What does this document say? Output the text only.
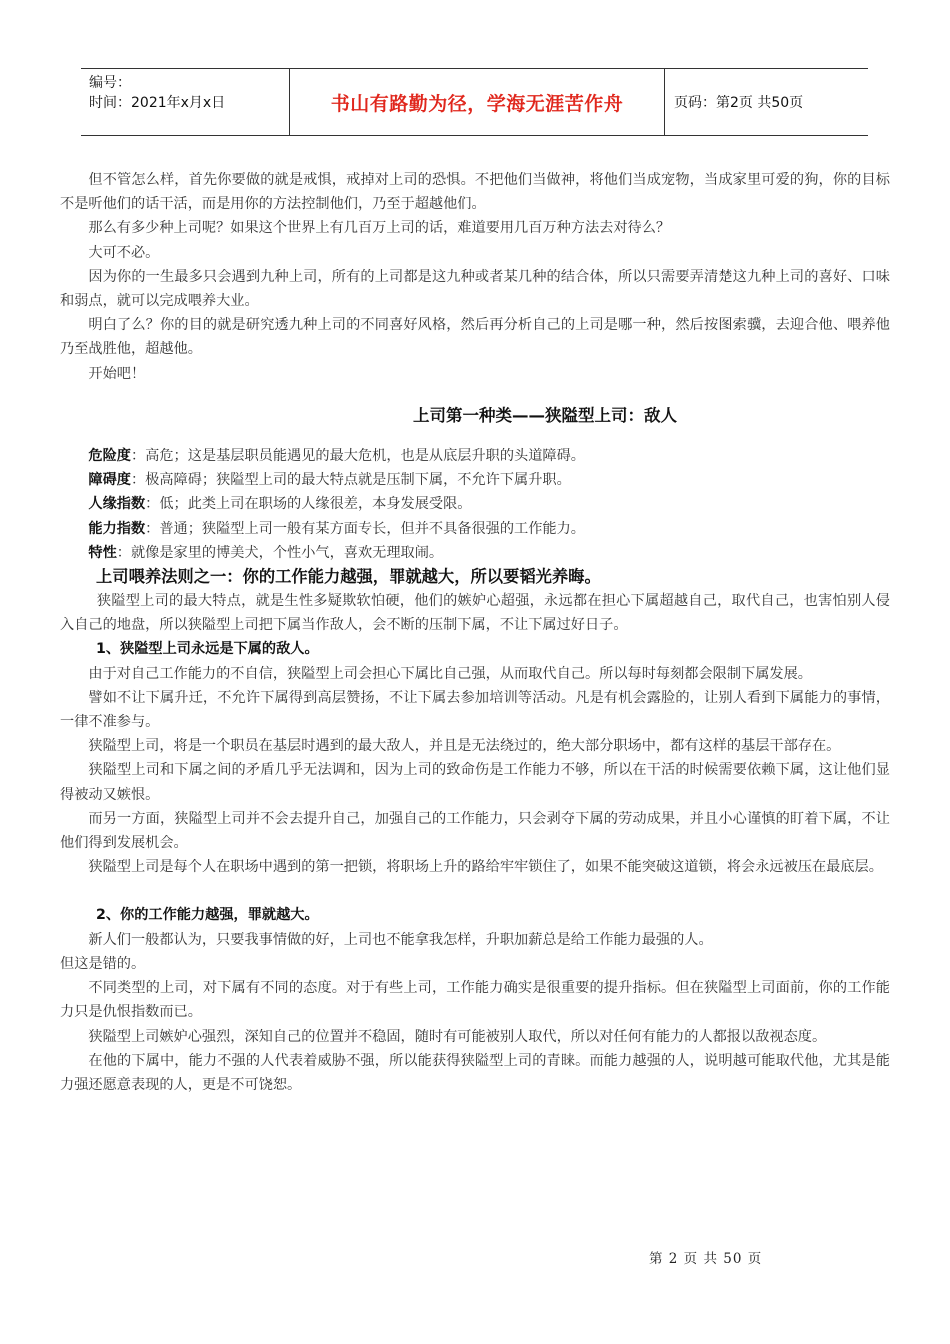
编号：
时间：2021年x月x日	书山有路勤为径，学海无涯苦作舟	页码：第2页 共50页

但不管怎么样，首先你要做的就是戒惧，戒掉对上司的恐惧。不把他们当做神，将他们当成宠物，当成家里可爱的狗，你的目标不是听他们的话干活，而是用你的方法控制他们，乃至于超越他们。

那么有多少种上司呢？如果这个世界上有几百万上司的话，难道要用几百万种方法去对待么？

大可不必。

因为你的一生最多只会遇到九种上司，所有的上司都是这九种或者某几种的结合体，所以只需要弄清楚这九种上司的喜好、口味和弱点，就可以完成喂养大业。

明白了么？你的目的就是研究透九种上司的不同喜好风格，然后再分析自己的上司是哪一种，然后按图索骥，去迎合他、喂养他乃至战胜他，超越他。

开始吧！

上司第一种类——狭隘型上司：敌人

危险度：高危；这是基层职员能遇见的最大危机，也是从底层升职的头道障碍。

障碍度：极高障碍；狭隘型上司的最大特点就是压制下属，不允许下属升职。

人缘指数：低；此类上司在职场的人缘很差，本身发展受限。

能力指数：普通；狭隘型上司一般有某方面专长，但并不具备很强的工作能力。

特性：就像是家里的博美犬，个性小气，喜欢无理取闹。

上司喂养法则之一：你的工作能力越强，罪就越大，所以要韬光养晦。

狭隘型上司的最大特点，就是生性多疑欺软怕硬，他们的嫉妒心超强，永远都在担心下属超越自己，取代自己，也害怕别人侵入自己的地盘，所以狭隘型上司把下属当作敌人，会不断的压制下属，不让下属过好日子。

1、狭隘型上司永远是下属的敌人。

由于对自己工作能力的不自信，狭隘型上司会担心下属比自己强，从而取代自己。所以每时每刻都会限制下属发展。

譬如不让下属升迁，不允许下属得到高层赞扬，不让下属去参加培训等活动。凡是有机会露脸的，让别人看到下属能力的事情，一律不准参与。

狭隘型上司，将是一个职员在基层时遇到的最大敌人，并且是无法绕过的，绝大部分职场中，都有这样的基层干部存在。

狭隘型上司和下属之间的矛盾几乎无法调和，因为上司的致命伤是工作能力不够，所以在干活的时候需要依赖下属，这让他们显得被动又嫉恨。

而另一方面，狭隘型上司并不会去提升自己，加强自己的工作能力，只会剥夺下属的劳动成果，并且小心谨慎的盯着下属，不让他们得到发展机会。

狭隘型上司是每个人在职场中遇到的第一把锁，将职场上升的路给牢牢锁住了，如果不能突破这道锁，将会永远被压在最底层。

2、你的工作能力越强，罪就越大。

新人们一般都认为，只要我事情做的好，上司也不能拿我怎样，升职加薪总是给工作能力最强的人。

但这是错的。

不同类型的上司，对下属有不同的态度。对于有些上司，工作能力确实是很重要的提升指标。但在狭隘型上司面前，你的工作能力只是仇恨指数而已。

狭隘型上司嫉妒心强烈，深知自己的位置并不稳固，随时有可能被别人取代，所以对任何有能力的人都报以敌视态度。

在他的下属中，能力不强的人代表着威胁不强，所以能获得狭隘型上司的青睐。而能力越强的人，说明越可能取代他，尤其是能力强还愿意表现的人，更是不可饶恕。

第 2 页 共 50 页
